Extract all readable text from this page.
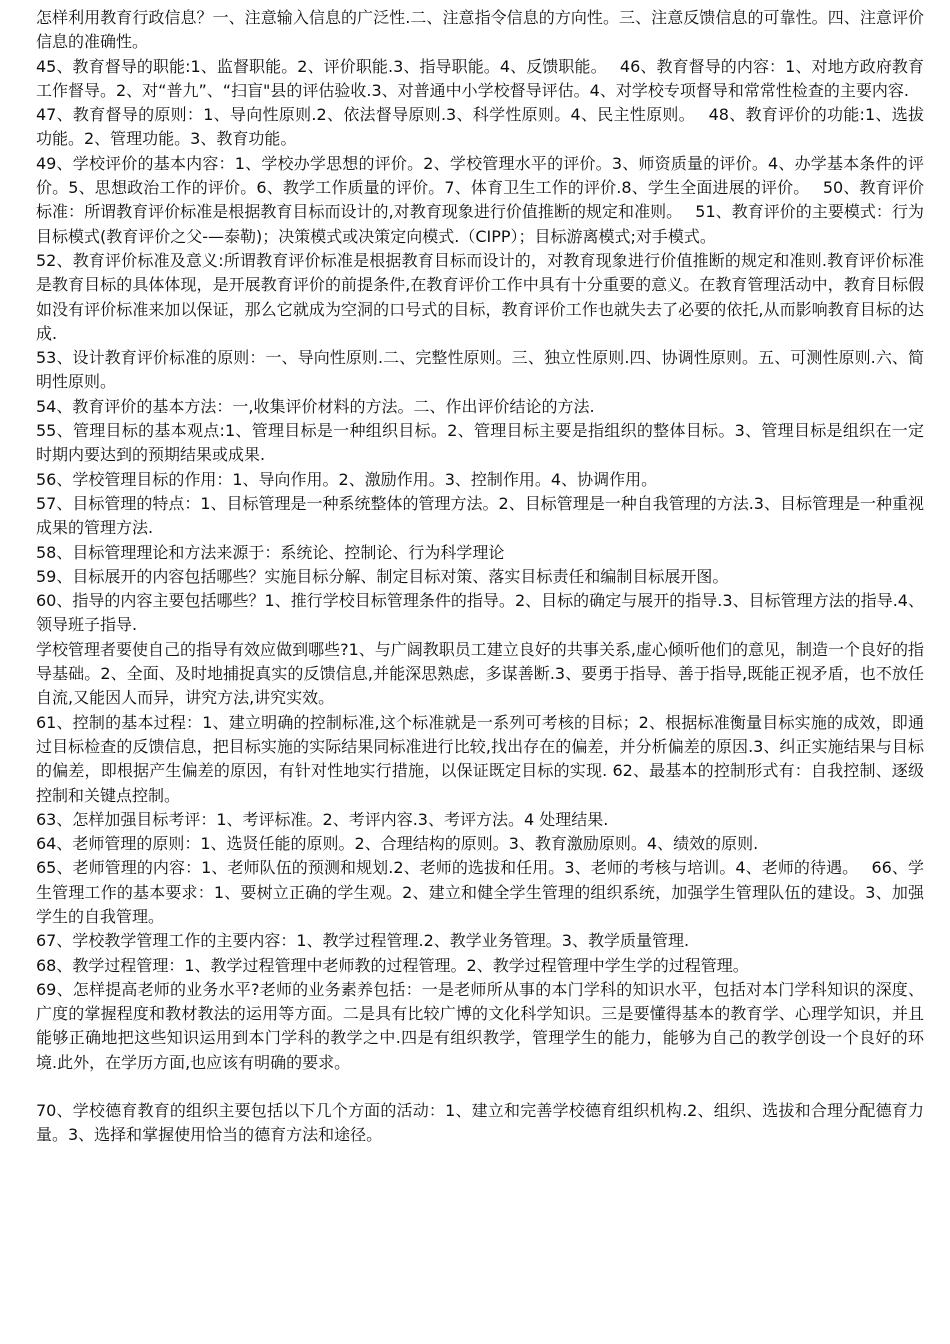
怎样利用教育行政信息？一、注意输入信息的广泛性.二、注意指令信息的方向性。三、注意反馈信息的可靠性。四、注意评价信息的准确性。

45、教育督导的职能:1、监督职能。2、评价职能.3、指导职能。4、反馈职能。　 46、教育督导的内容：1、对地方政府教育工作督导。2、对“普九”、“扫盲"县的评估验收.3、对普通中小学校督导评估。4、对学校专项督导和常常性检查的主要内容.

47、教育督导的原则：1、导向性原则.2、依法督导原则.3、科学性原则。4、民主性原则。　 48、教育评价的功能:1、选拔功能。2、管理功能。3、教育功能。

49、学校评价的基本内容：1、学校办学思想的评价。2、学校管理水平的评价。3、师资质量的评价。4、办学基本条件的评价。5、思想政治工作的评价。6、教学工作质量的评价。7、体育卫生工作的评价.8、学生全面进展的评价。　 50、教育评价标准：所谓教育评价标准是根据教育目标而设计的,对教育现象进行价值推断的规定和准则。　 51、教育评价的主要模式：行为目标模式(教育评价之父-—泰勒)；决策模式或决策定向模式.（CIPP）；目标游离模式;对手模式。

52、教育评价标准及意义:所谓教育评价标准是根据教育目标而设计的，对教育现象进行价值推断的规定和准则.教育评价标准是教育目标的具体体现，是开展教育评价的前提条件,在教育评价工作中具有十分重要的意义。在教育管理活动中，教育目标假如没有评价标准来加以保证，那么它就成为空洞的口号式的目标，教育评价工作也就失去了必要的依托,从而影响教育目标的达成.

53、设计教育评价标准的原则：一、导向性原则.二、完整性原则。三、独立性原则.四、协调性原则。五、可测性原则.六、简明性原则。

54、教育评价的基本方法：一,收集评价材料的方法。二、作出评价结论的方法.

55、管理目标的基本观点:1、管理目标是一种组织目标。2、管理目标主要是指组织的整体目标。3、管理目标是组织在一定时期内要达到的预期结果或成果.

56、学校管理目标的作用：1、导向作用。2、激励作用。3、控制作用。4、协调作用。

57、目标管理的特点：1、目标管理是一种系统整体的管理方法。2、目标管理是一种自我管理的方法.3、目标管理是一种重视成果的管理方法.

58、目标管理理论和方法来源于：系统论、控制论、行为科学理论

59、目标展开的内容包括哪些？实施目标分解、制定目标对策、落实目标责任和编制目标展开图。

60、指导的内容主要包括哪些？1、推行学校目标管理条件的指导。2、目标的确定与展开的指导.3、目标管理方法的指导.4、领导班子指导.

学校管理者要使自己的指导有效应做到哪些?1、与广阔教职员工建立良好的共事关系,虚心倾听他们的意见，制造一个良好的指导基础。2、全面、及时地捕捉真实的反馈信息,并能深思熟虑，多谋善断.3、要勇于指导、善于指导,既能正视矛盾，也不放任自流,又能因人而异，讲究方法,讲究实效。

61、控制的基本过程：1、建立明确的控制标准,这个标准就是一系列可考核的目标；2、根据标准衡量目标实施的成效，即通过目标检查的反馈信息，把目标实施的实际结果同标准进行比较,找出存在的偏差，并分析偏差的原因.3、纠正实施结果与目标的偏差，即根据产生偏差的原因，有针对性地实行措施，以保证既定目标的实现. 62、最基本的控制形式有：自我控制、逐级控制和关键点控制。

63、怎样加强目标考评：1、考评标准。2、考评内容.3、考评方法。4 处理结果.

64、老师管理的原则：1、选贤任能的原则。2、合理结构的原则。3、教育激励原则。4、绩效的原则.

65、老师管理的内容：1、老师队伍的预测和规划.2、老师的选拔和任用。3、老师的考核与培训。4、老师的待遇。　 66、学生管理工作的基本要求：1、要树立正确的学生观。2、建立和健全学生管理的组织系统，加强学生管理队伍的建设。3、加强学生的自我管理。

67、学校教学管理工作的主要内容：1、教学过程管理.2、教学业务管理。3、教学质量管理.

68、教学过程管理：1、教学过程管理中老师教的过程管理。2、教学过程管理中学生学的过程管理。

69、怎样提高老师的业务水平?老师的业务素养包括：一是老师所从事的本门学科的知识水平，包括对本门学科知识的深度、广度的掌握程度和教材教法的运用等方面。二是具有比较广博的文化科学知识。三是要懂得基本的教育学、心理学知识，并且能够正确地把这些知识运用到本门学科的教学之中.四是有组织教学，管理学生的能力，能够为自己的教学创设一个良好的环境.此外，在学历方面,也应该有明确的要求。

70、学校德育教育的组织主要包括以下几个方面的活动：1、建立和完善学校德育组织机构.2、组织、选拔和合理分配德育力量。3、选择和掌握使用恰当的德育方法和途径。
